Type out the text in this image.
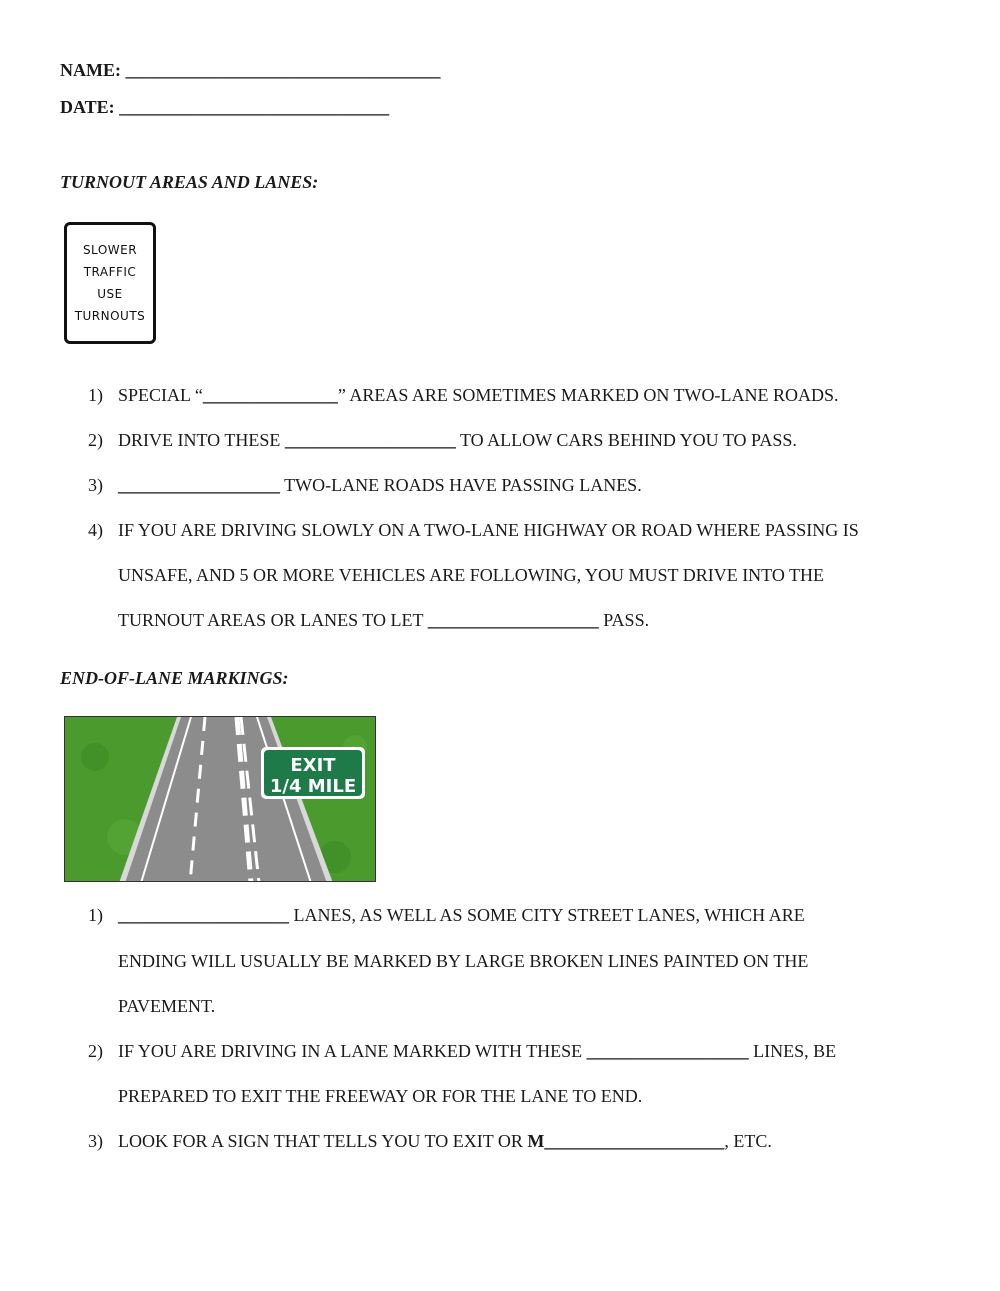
NAME: ___________________________________
DATE: ______________________________
TURNOUT AREAS AND LANES:
SLOWER
TRAFFIC
USE
TURNOUTS
1) SPECIAL “_______________” AREAS ARE SOMETIMES MARKED ON TWO-LANE ROADS.
2) DRIVE INTO THESE ___________________ TO ALLOW CARS BEHIND YOU TO PASS.
3) __________________ TWO-LANE ROADS HAVE PASSING LANES.
4) IF YOU ARE DRIVING SLOWLY ON A TWO-LANE HIGHWAY OR ROAD WHERE PASSING IS
UNSAFE, AND 5 OR MORE VEHICLES ARE FOLLOWING, YOU MUST DRIVE INTO THE
TURNOUT AREAS OR LANES TO LET ___________________ PASS.
END-OF-LANE MARKINGS:
EXIT
1/4 MILE
1) ___________________ LANES, AS WELL AS SOME CITY STREET LANES, WHICH ARE
ENDING WILL USUALLY BE MARKED BY LARGE BROKEN LINES PAINTED ON THE
PAVEMENT.
2) IF YOU ARE DRIVING IN A LANE MARKED WITH THESE __________________ LINES, BE
PREPARED TO EXIT THE FREEWAY OR FOR THE LANE TO END.
3) LOOK FOR A SIGN THAT TELLS YOU TO EXIT OR M____________________, ETC.
